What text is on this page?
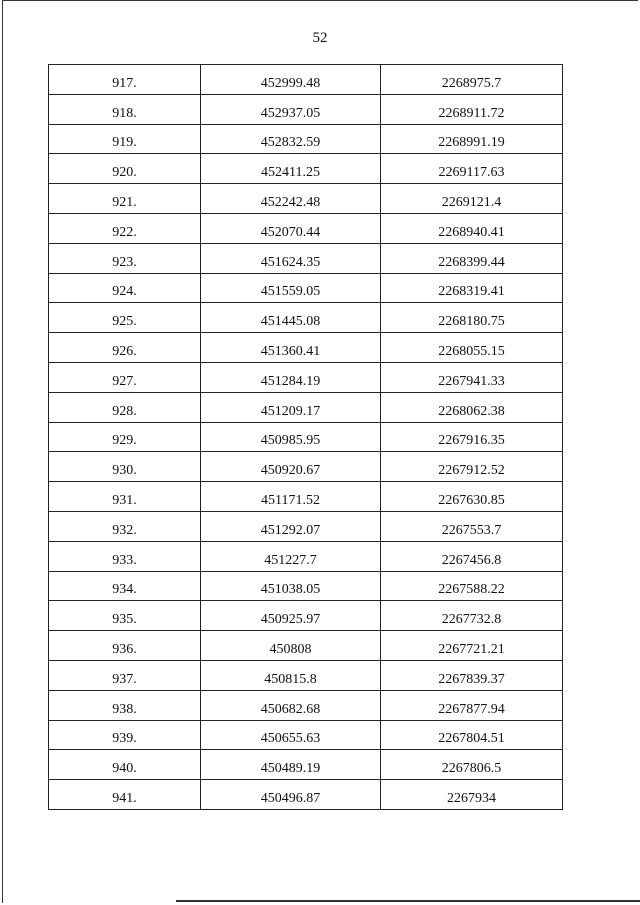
52
917.	452999.48	2268975.7
918.	452937.05	2268911.72
919.	452832.59	2268991.19
920.	452411.25	2269117.63
921.	452242.48	2269121.4
922.	452070.44	2268940.41
923.	451624.35	2268399.44
924.	451559.05	2268319.41
925.	451445.08	2268180.75
926.	451360.41	2268055.15
927.	451284.19	2267941.33
928.	451209.17	2268062.38
929.	450985.95	2267916.35
930.	450920.67	2267912.52
931.	451171.52	2267630.85
932.	451292.07	2267553.7
933.	451227.7	2267456.8
934.	451038.05	2267588.22
935.	450925.97	2267732.8
936.	450808	2267721.21
937.	450815.8	2267839.37
938.	450682.68	2267877.94
939.	450655.63	2267804.51
940.	450489.19	2267806.5
941.	450496.87	2267934
